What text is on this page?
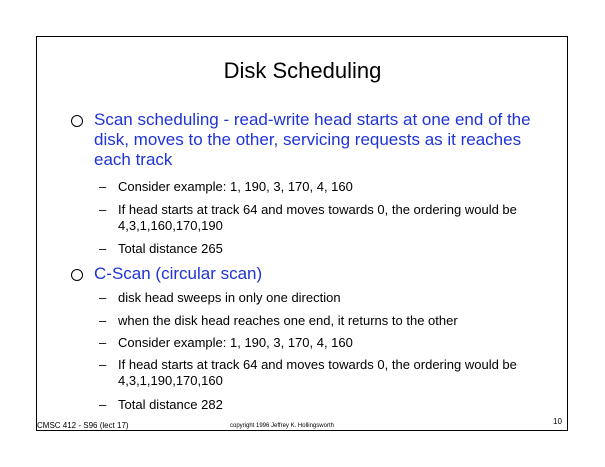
Disk Scheduling
Scan scheduling - read-write head starts at one end of the disk, moves to the other, servicing requests as it reaches each track
– Consider example: 1, 190, 3, 170, 4, 160
– If head starts at track 64 and moves towards 0, the ordering would be 4,3,1,160,170,190
– Total distance 265
C-Scan (circular scan)
– disk head sweeps in only one direction
– when the disk head reaches one end, it returns to the other
– Consider example: 1, 190, 3, 170, 4, 160
– If head starts at track 64 and moves towards 0, the ordering would be 4,3,1,190,170,160
– Total distance 282
CMSC 412 - S96 (lect 17)	copyright 1996 Jeffrey K. Hollingsworth	10
